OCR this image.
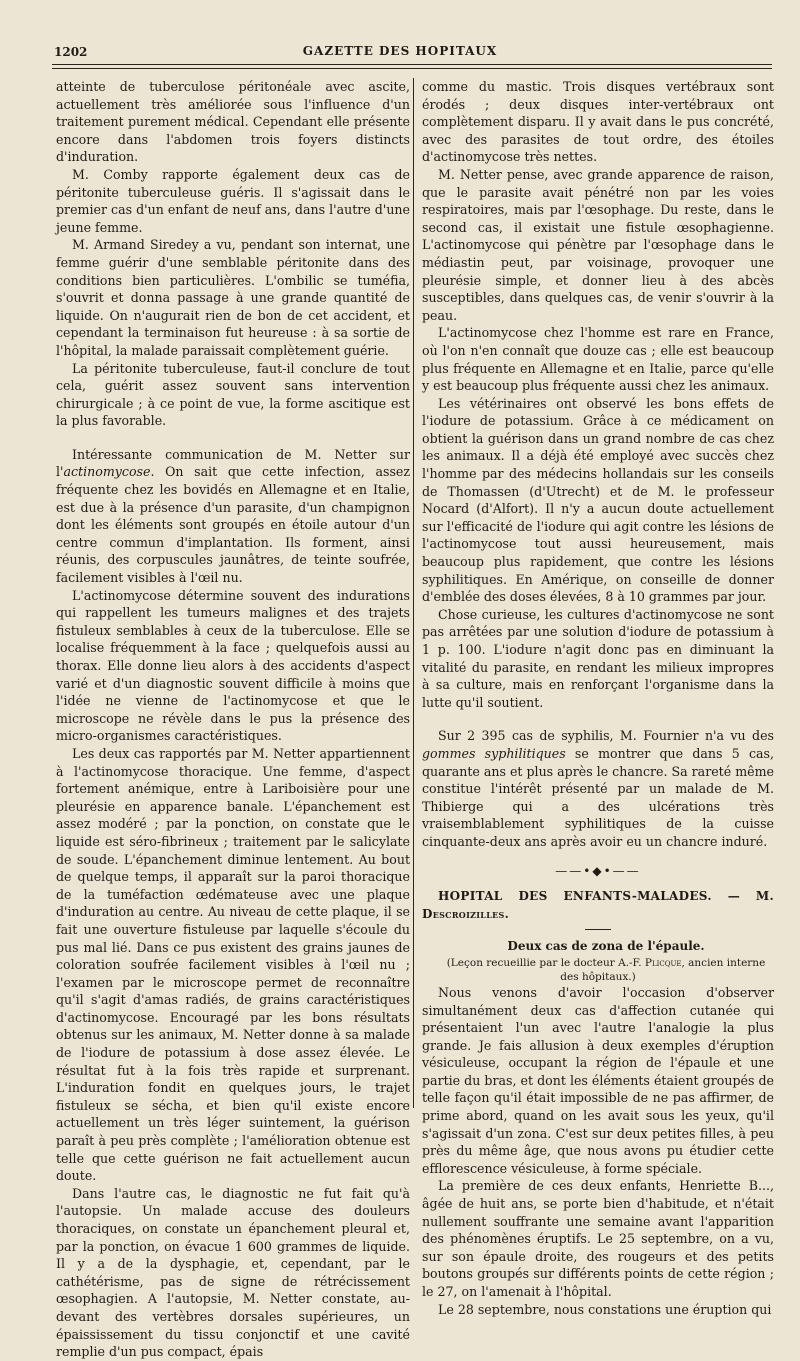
1202	GAZETTE DES HOPITAUX

atteinte de tuberculose péritonéale avec ascite, actuellement très améliorée sous l'influence d'un traitement purement médical. Cependant elle présente encore dans l'abdomen trois foyers distincts d'induration.

M. Comby rapporte également deux cas de péritonite tuberculeuse guéris. Il s'agissait dans le premier cas d'un enfant de neuf ans, dans l'autre d'une jeune femme.

M. Armand Siredey a vu, pendant son internat, une femme guérir d'une semblable péritonite dans des conditions bien particulières. L'ombilic se tuméfia, s'ouvrit et donna passage à une grande quantité de liquide. On n'augurait rien de bon de cet accident, et cependant la terminaison fut heureuse : à sa sortie de l'hôpital, la malade paraissait complètement guérie.

La péritonite tuberculeuse, faut-il conclure de tout cela, guérit assez souvent sans intervention chirurgicale ; à ce point de vue, la forme ascitique est la plus favorable.

Intéressante communication de M. Netter sur l'actinomycose. On sait que cette infection, assez fréquente chez les bovidés en Allemagne et en Italie, est due à la présence d'un parasite, d'un champignon dont les éléments sont groupés en étoile autour d'un centre commun d'implantation. Ils forment, ainsi réunis, des corpuscules jaunâtres, de teinte soufrée, facilement visibles à l'œil nu.

L'actinomycose détermine souvent des indurations qui rappellent les tumeurs malignes et des trajets fistuleux semblables à ceux de la tuberculose. Elle se localise fréquemment à la face ; quelquefois aussi au thorax. Elle donne lieu alors à des accidents d'aspect varié et d'un diagnostic souvent difficile à moins que l'idée ne vienne de l'actinomycose et que le microscope ne révèle dans le pus la présence des micro-organismes caractéristiques.

Les deux cas rapportés par M. Netter appartiennent à l'actinomycose thoracique. Une femme, d'aspect fortement anémique, entre à Lariboisière pour une pleurésie en apparence banale. L'épanchement est assez modéré ; par la ponction, on constate que le liquide est séro-fibrineux ; traitement par le salicylate de soude. L'épanchement diminue lentement. Au bout de quelque temps, il apparaît sur la paroi thoracique de la tuméfaction œdémateuse avec une plaque d'induration au centre. Au niveau de cette plaque, il se fait une ouverture fistuleuse par laquelle s'écoule du pus mal lié. Dans ce pus existent des grains jaunes de coloration soufrée facilement visibles à l'œil nu ; l'examen par le microscope permet de reconnaître qu'il s'agit d'amas radiés, de grains caractéristiques d'actinomycose. Encouragé par les bons résultats obtenus sur les animaux, M. Netter donne à sa malade de l'iodure de potassium à dose assez élevée. Le résultat fut à la fois très rapide et surprenant. L'induration fondit en quelques jours, le trajet fistuleux se sécha, et bien qu'il existe encore actuellement un très léger suintement, la guérison paraît à peu près complète ; l'amélioration obtenue est telle que cette guérison ne fait actuellement aucun doute.

Dans l'autre cas, le diagnostic ne fut fait qu'à l'autopsie. Un malade accuse des douleurs thoraciques, on constate un épanchement pleural et, par la ponction, on évacue 1 600 grammes de liquide. Il y a de la dysphagie, et, cependant, par le cathétérisme, pas de signe de rétrécissement œsophagien. A l'autopsie, M. Netter constate, au-devant des vertèbres dorsales supérieures, un épaississement du tissu conjonctif et une cavité remplie d'un pus compact, épais

comme du mastic. Trois disques vertébraux sont érodés ; deux disques inter-vertébraux ont complètement disparu. Il y avait dans le pus concrété, avec des parasites de tout ordre, des étoiles d'actinomycose très nettes.

M. Netter pense, avec grande apparence de raison, que le parasite avait pénétré non par les voies respiratoires, mais par l'œsophage. Du reste, dans le second cas, il existait une fistule œsophagienne. L'actinomycose qui pénètre par l'œsophage dans le médiastin peut, par voisinage, provoquer une pleurésie simple, et donner lieu à des abcès susceptibles, dans quelques cas, de venir s'ouvrir à la peau.

L'actinomycose chez l'homme est rare en France, où l'on n'en connaît que douze cas ; elle est beaucoup plus fréquente en Allemagne et en Italie, parce qu'elle y est beaucoup plus fréquente aussi chez les animaux.

Les vétérinaires ont observé les bons effets de l'iodure de potassium. Grâce à ce médicament on obtient la guérison dans un grand nombre de cas chez les animaux. Il a déjà été employé avec succès chez l'homme par des médecins hollandais sur les conseils de Thomassen (d'Utrecht) et de M. le professeur Nocard (d'Alfort). Il n'y a aucun doute actuellement sur l'efficacité de l'iodure qui agit contre les lésions de l'actinomycose tout aussi heureusement, mais beaucoup plus rapidement, que contre les lésions syphilitiques. En Amérique, on conseille de donner d'emblée des doses élevées, 8 à 10 grammes par jour.

Chose curieuse, les cultures d'actinomycose ne sont pas arrêtées par une solution d'iodure de potassium à 1 p. 100. L'iodure n'agit donc pas en diminuant la vitalité du parasite, en rendant les milieux impropres à sa culture, mais en renforçant l'organisme dans la lutte qu'il soutient.

Sur 2 395 cas de syphilis, M. Fournier n'a vu des gommes syphilitiques se montrer que dans 5 cas, quarante ans et plus après le chancre. Sa rareté même constitue l'intérêt présenté par un malade de M. Thibierge qui a des ulcérations très vraisemblablement syphilitiques de la cuisse cinquante-deux ans après avoir eu un chancre induré.

——•◆•——

HOPITAL DES ENFANTS-MALADES. — M. Descroizilles.

Deux cas de zona de l'épaule.

(Leçon recueillie par le docteur A.-F. Plicque, ancien interne des hôpitaux.)

Nous venons d'avoir l'occasion d'observer simultanément deux cas d'affection cutanée qui présentaient l'un avec l'autre l'analogie la plus grande. Je fais allusion à deux exemples d'éruption vésiculeuse, occupant la région de l'épaule et une partie du bras, et dont les éléments étaient groupés de telle façon qu'il était impossible de ne pas affirmer, de prime abord, quand on les avait sous les yeux, qu'il s'agissait d'un zona. C'est sur deux petites filles, à peu près du même âge, que nous avons pu étudier cette efflorescence vésiculeuse, à forme spéciale.

La première de ces deux enfants, Henriette B..., âgée de huit ans, se porte bien d'habitude, et n'était nullement souffrante une semaine avant l'apparition des phénomènes éruptifs. Le 25 septembre, on a vu, sur son épaule droite, des rougeurs et des petits boutons groupés sur différents points de cette région ; le 27, on l'amenait à l'hôpital.

Le 28 septembre, nous constations une éruption qui
